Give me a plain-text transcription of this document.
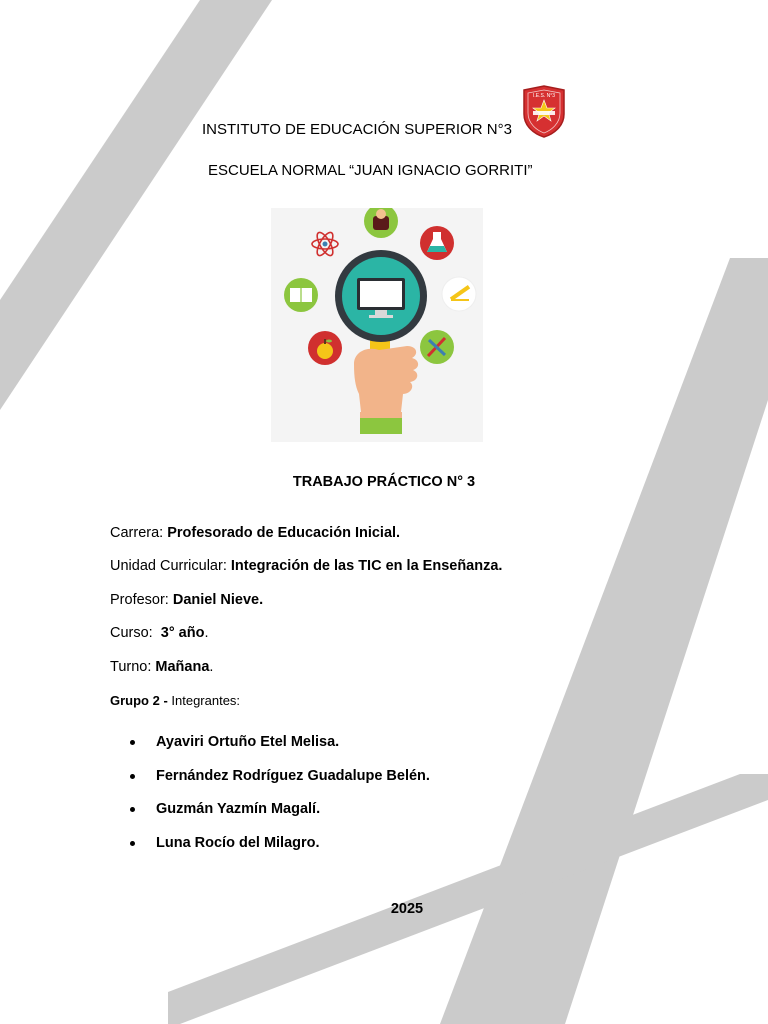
INSTITUTO DE EDUCACIÓN SUPERIOR N°3
ESCUELA NORMAL “JUAN IGNACIO GORRITI”
I.E.S. N°3
TRABAJO PRÁCTICO N° 3
Carrera: Profesorado de Educación Inicial.
Unidad Curricular: Integración de las TIC en la Enseñanza.
Profesor: Daniel Nieve.
Curso:  3° año.
Turno: Mañana.
Grupo 2 - Integrantes:
Ayaviri Ortuño Etel Melisa.
Fernández Rodríguez Guadalupe Belén.
Guzmán Yazmín Magalí.
Luna Rocío del Milagro.
2025
